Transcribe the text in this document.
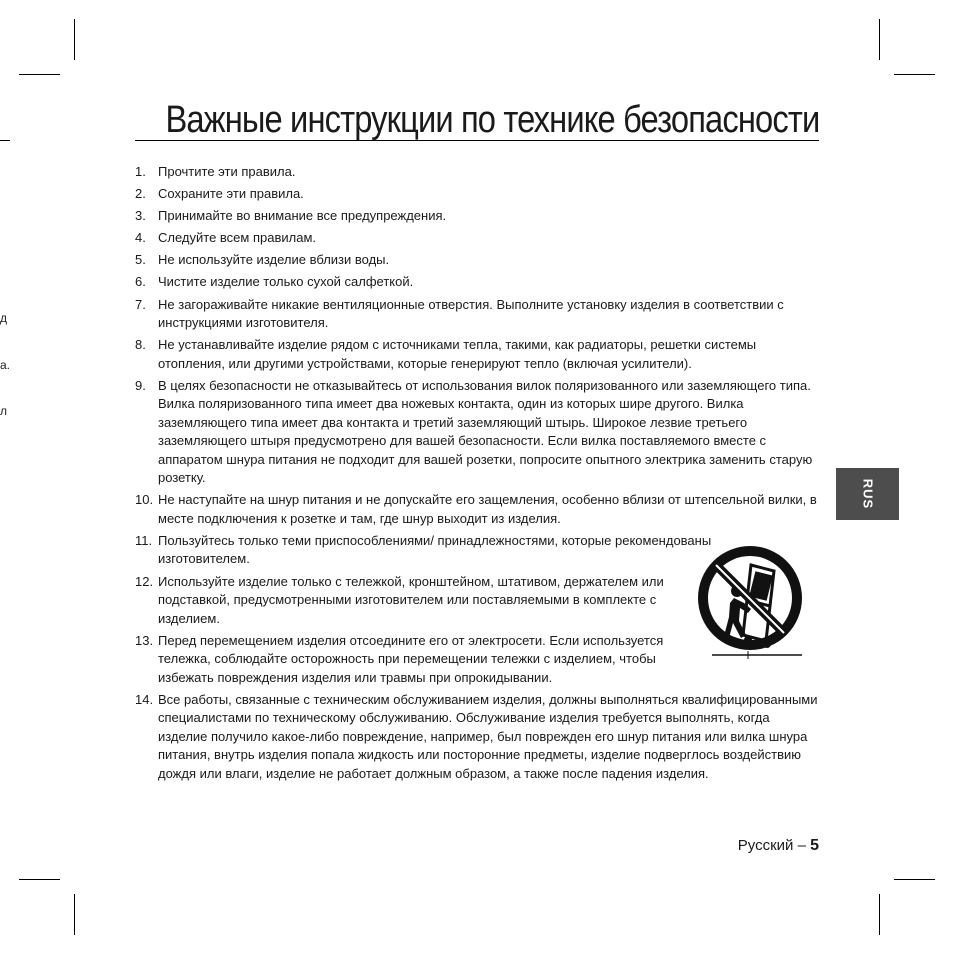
д
а.
л
Важные инструкции по технике безопасности
1. Прочтите эти правила.
2. Сохраните эти правила.
3. Принимайте во внимание все предупреждения.
4. Следуйте всем правилам.
5. Не используйте изделие вблизи воды.
6. Чистите изделие только сухой салфеткой.
7. Не загораживайте никакие вентиляционные отверстия. Выполните установку изделия в соответствии с инструкциями изготовителя.
8. Не устанавливайте изделие рядом с источниками тепла, такими, как радиаторы, решетки системы отопления, или другими устройствами, которые генерируют тепло (включая усилители).
9. В целях безопасности не отказывайтесь от использования вилок поляризованного или заземляющего типа. Вилка поляризованного типа имеет два ножевых контакта, один из которых шире другого. Вилка заземляющего типа имеет два контакта и третий заземляющий штырь. Широкое лезвие третьего заземляющего штыря предусмотрено для вашей безопасности. Если вилка поставляемого вместе с аппаратом шнура питания не подходит для вашей розетки, попросите опытного электрика заменить старую розетку.
10. Не наступайте на шнур питания и не допускайте его защемления, особенно вблизи от штепсельной вилки, в месте подключения к розетке и там, где шнур выходит из изделия.
11. Пользуйтесь только теми приспособлениями/ принадлежностями, которые рекомендованы изготовителем.
12. Используйте изделие только с тележкой, кронштейном, штативом, держателем или подставкой, предусмотренными изготовителем или поставляемыми в комплекте с изделием.
13. Перед перемещением изделия отсоедините его от электросети. Если используется тележка, соблюдайте осторожность при перемещении тележки с изделием, чтобы избежать повреждения изделия или травмы при опрокидывании.
14. Все работы, связанные с техническим обслуживанием изделия, должны выполняться квалифицированными специалистами по техническому обслуживанию. Обслуживание изделия требуется выполнять, когда изделие получило какое-либо повреждение, например, был поврежден его шнур питания или вилка шнура питания, внутрь изделия попала жидкость или посторонние предметы, изделие подверглось воздействию дождя или влаги, изделие не работает должным образом, а также после падения изделия.
RUS
Русский – 5
